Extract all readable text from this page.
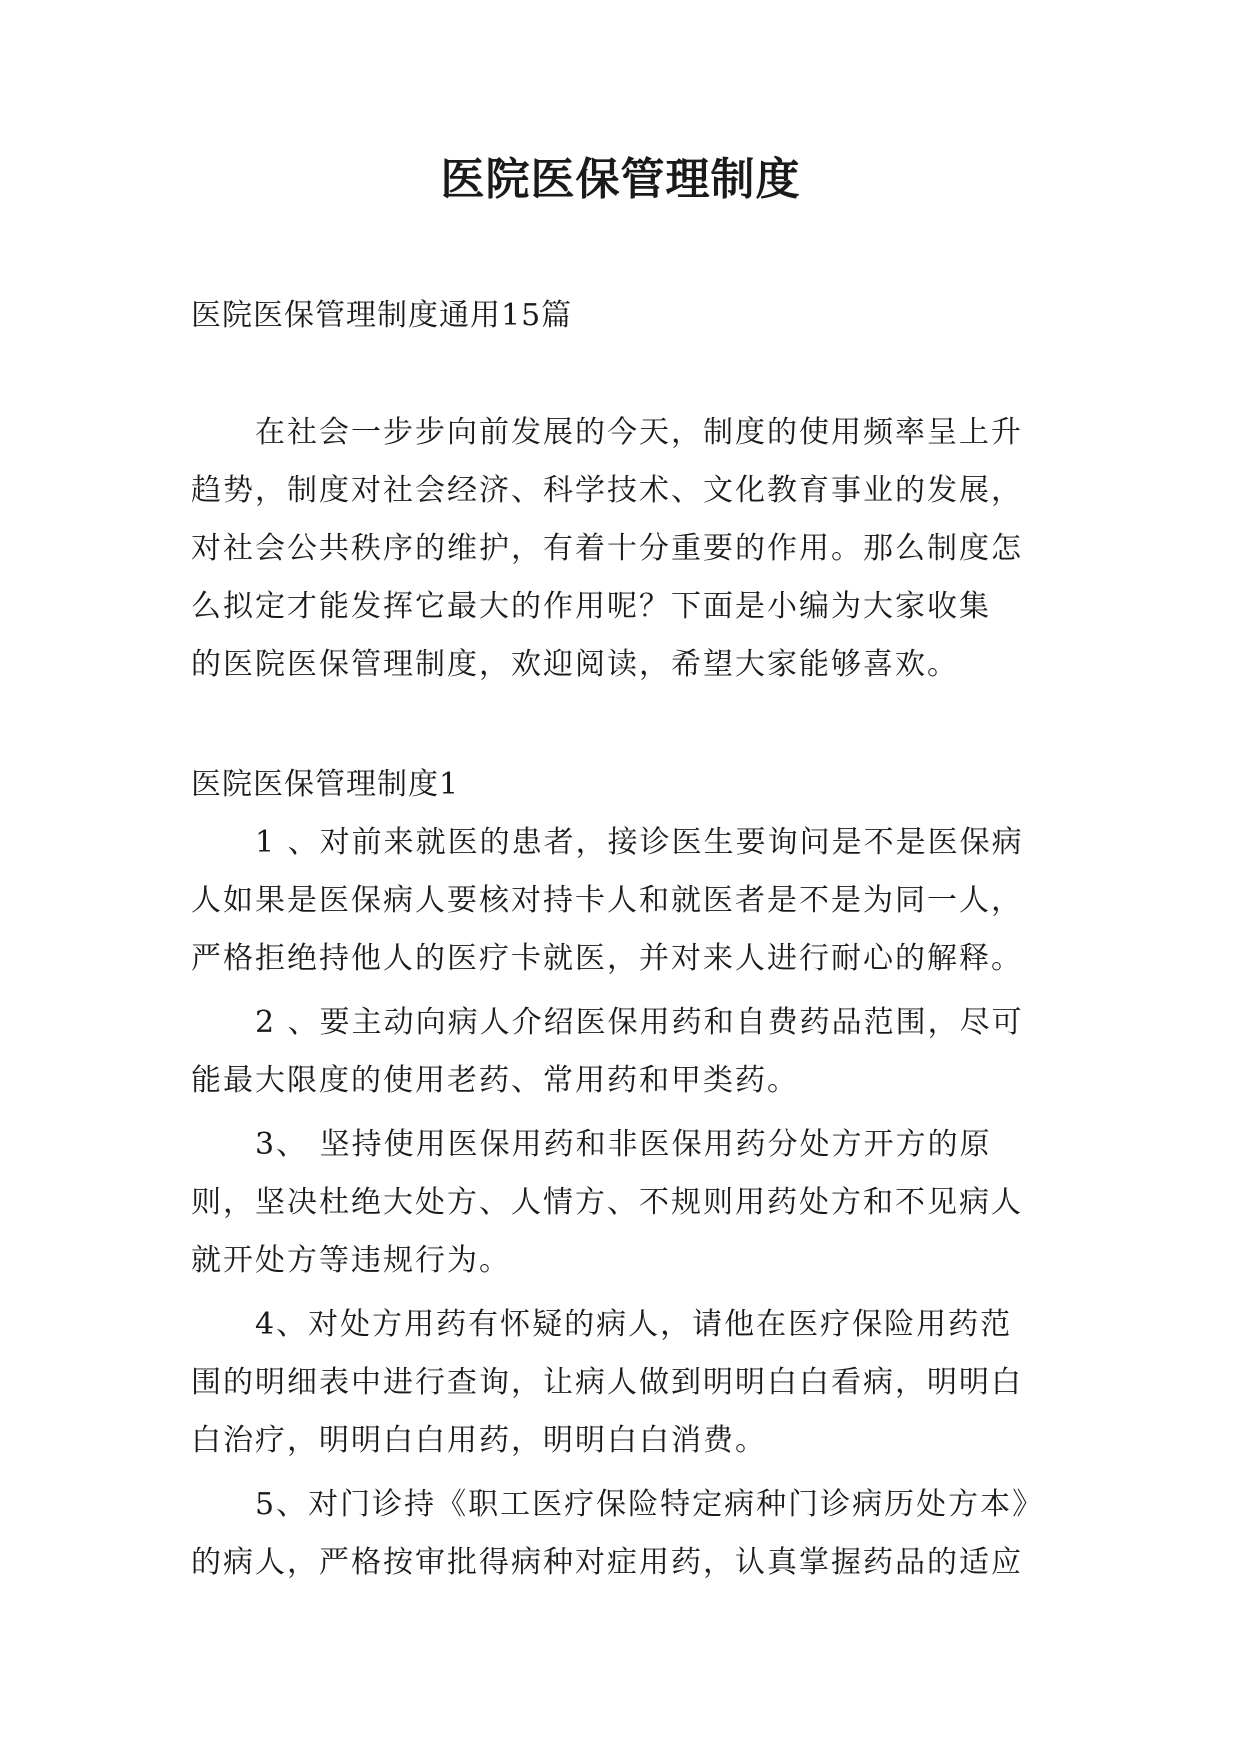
医院医保管理制度

医院医保管理制度通用15篇

在社会一步步向前发展的今天，制度的使用频率呈上升
趋势，制度对社会经济、科学技术、文化教育事业的发展，
对社会公共秩序的维护，有着十分重要的作用。那么制度怎
么拟定才能发挥它最大的作用呢？下面是小编为大家收集
的医院医保管理制度，欢迎阅读，希望大家能够喜欢。

医院医保管理制度1

1 、对前来就医的患者，接诊医生要询问是不是医保病
人如果是医保病人要核对持卡人和就医者是不是为同一人，
严格拒绝持他人的医疗卡就医，并对来人进行耐心的解释。
2 、要主动向病人介绍医保用药和自费药品范围，尽可
能最大限度的使用老药、常用药和甲类药。
3、 坚持使用医保用药和非医保用药分处方开方的原
则，坚决杜绝大处方、人情方、不规则用药处方和不见病人
就开处方等违规行为。
4、对处方用药有怀疑的病人，请他在医疗保险用药范
围的明细表中进行查询，让病人做到明明白白看病，明明白
白治疗，明明白白用药，明明白白消费。
5、对门诊持《职工医疗保险特定病种门诊病历处方本》
的病人，严格按审批得病种对症用药，认真掌握药品的适应
